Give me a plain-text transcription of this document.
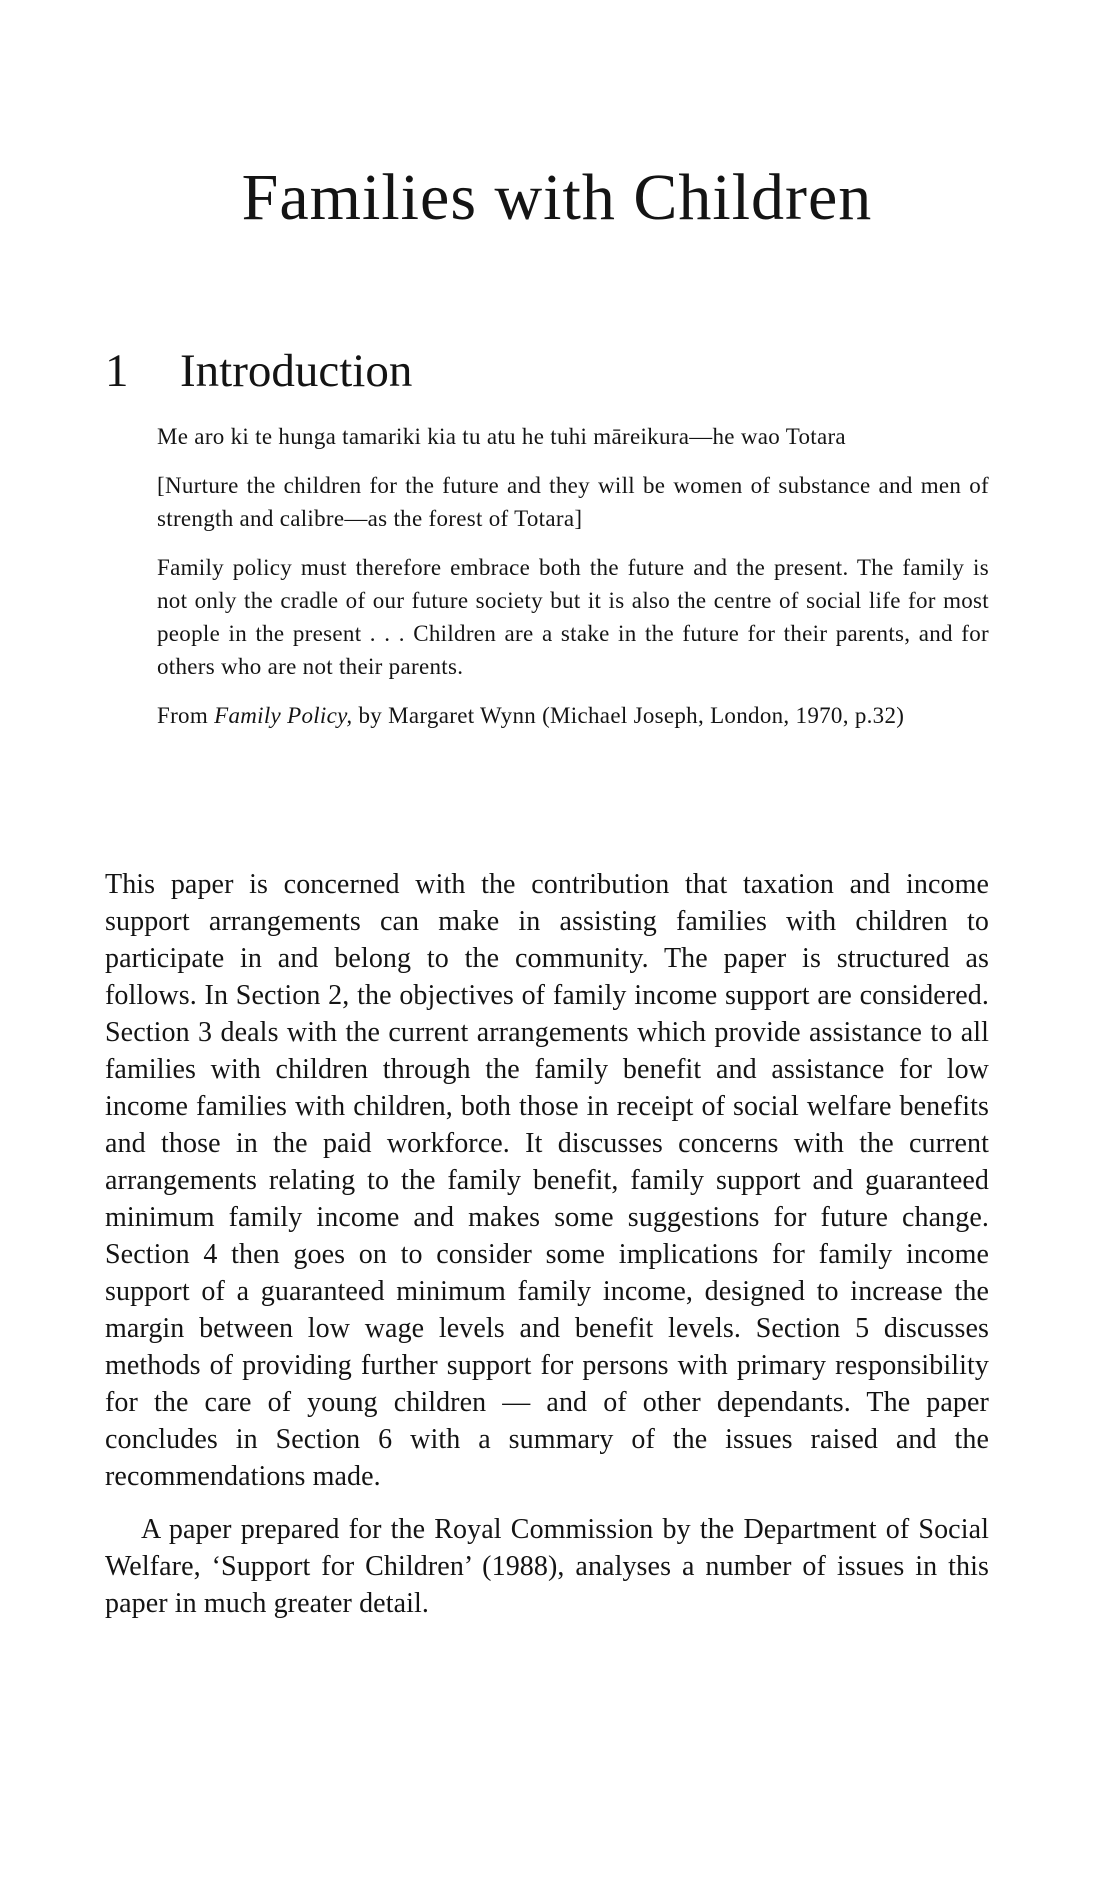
Families with Children
1 Introduction

Me aro ki te hunga tamariki kia tu atu he tuhi māreikura—he wao Totara

[Nurture the children for the future and they will be women of substance and men of strength and calibre—as the forest of Totara]

Family policy must therefore embrace both the future and the present. The family is not only the cradle of our future society but it is also the centre of social life for most people in the present . . . Children are a stake in the future for their parents, and for others who are not their parents.

From Family Policy, by Margaret Wynn (Michael Joseph, London, 1970, p.32)

This paper is concerned with the contribution that taxation and income support arrangements can make in assisting families with children to participate in and belong to the community. The paper is structured as follows. In Section 2, the objectives of family income support are considered. Section 3 deals with the current arrangements which provide assistance to all families with children through the family benefit and assistance for low income families with children, both those in receipt of social welfare benefits and those in the paid workforce. It discusses concerns with the current arrangements relating to the family benefit, family support and guaranteed minimum family income and makes some suggestions for future change. Section 4 then goes on to consider some implications for family income support of a guaranteed minimum family income, designed to increase the margin between low wage levels and benefit levels. Section 5 discusses methods of providing further support for persons with primary responsibility for the care of young children — and of other dependants. The paper concludes in Section 6 with a summary of the issues raised and the recommendations made.

A paper prepared for the Royal Commission by the Department of Social Welfare, ‘Support for Children’ (1988), analyses a number of issues in this paper in much greater detail.
